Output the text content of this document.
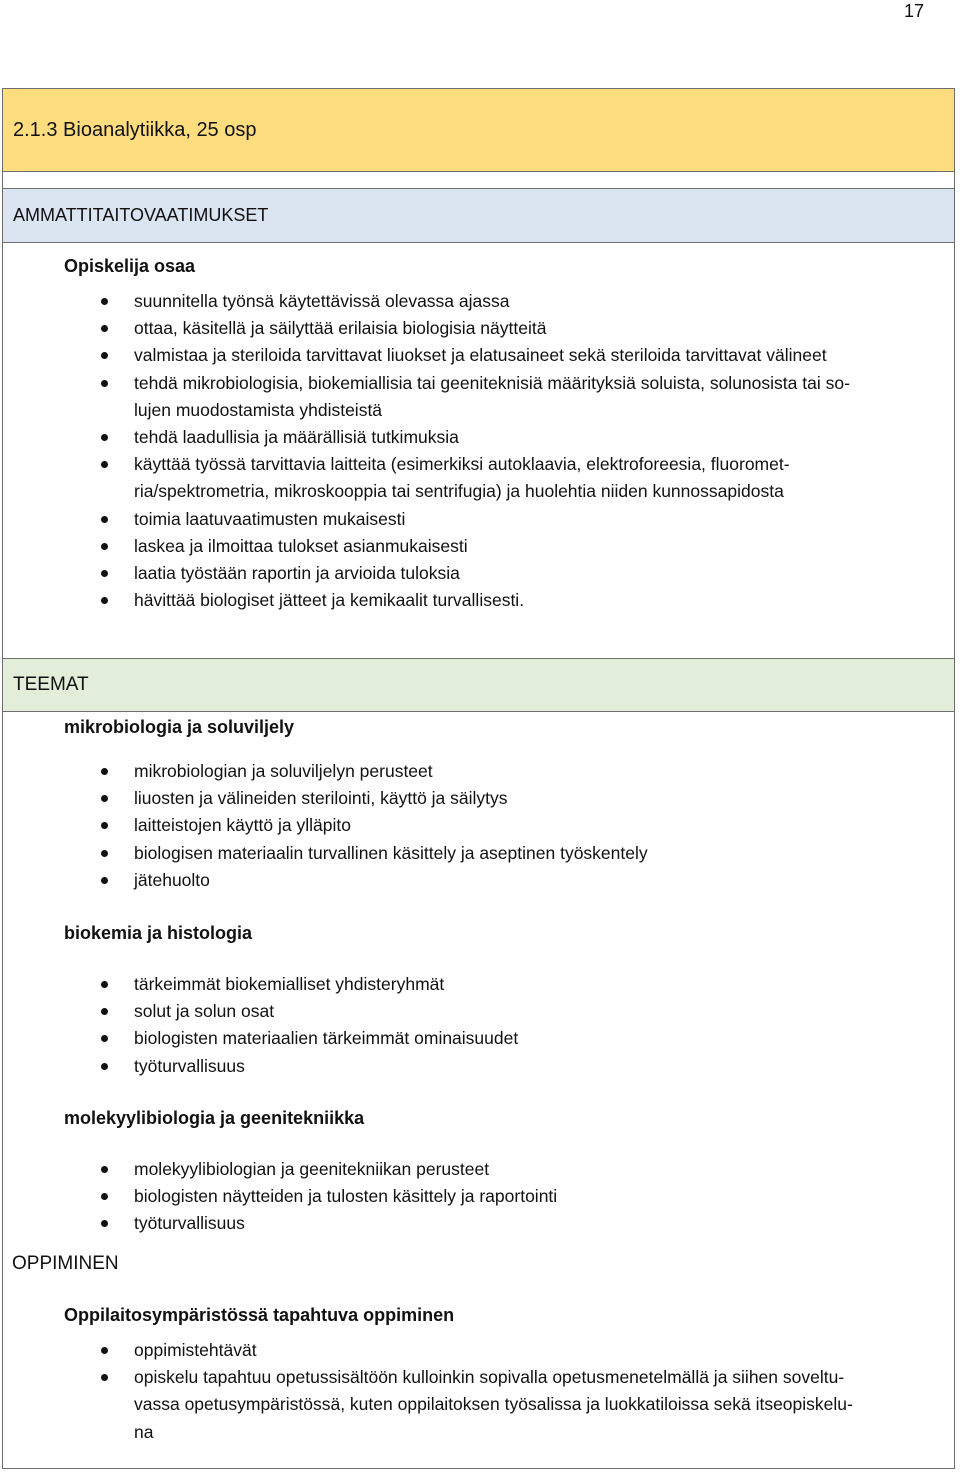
17
2.1.3 Bioanalytiikka, 25 osp
AMMATTITAITOVAATIMUKSET
Opiskelija osaa
suunnitella työnsä käytettävissä olevassa ajassa
ottaa, käsitellä ja säilyttää erilaisia biologisia näytteitä
valmistaa ja steriloida tarvittavat liuokset ja elatusaineet sekä steriloida tarvittavat välineet
tehdä mikrobiologisia, biokemiallisia tai geeniteknisiä määrityksiä soluista, solunosista tai so-
lujen muodostamista yhdisteistä
tehdä laadullisia ja määrällisiä tutkimuksia
käyttää työssä tarvittavia laitteita (esimerkiksi autoklaavia, elektroforeesia, fluoromet-
ria/spektrometria, mikroskooppia tai sentrifugia) ja huolehtia niiden kunnossapidosta
toimia laatuvaatimusten mukaisesti
laskea ja ilmoittaa tulokset asianmukaisesti
laatia työstään raportin ja arvioida tuloksia
hävittää biologiset jätteet ja kemikaalit turvallisesti.
TEEMAT
mikrobiologia ja soluviljely
mikrobiologian ja soluviljelyn perusteet
liuosten ja välineiden sterilointi, käyttö ja säilytys
laitteistojen käyttö ja ylläpito
biologisen materiaalin turvallinen käsittely ja aseptinen työskentely
jätehuolto
biokemia ja histologia
tärkeimmät biokemialliset yhdisteryhmät
solut ja solun osat
biologisten materiaalien tärkeimmät ominaisuudet
työturvallisuus
molekyylibiologia ja geenitekniikka
molekyylibiologian ja geenitekniikan perusteet
biologisten näytteiden ja tulosten käsittely ja raportointi
työturvallisuus
OPPIMINEN
Oppilaitosympäristössä tapahtuva oppiminen
oppimistehtävät
opiskelu tapahtuu opetussisältöön kulloinkin sopivalla opetusmenetelmällä ja siihen soveltu-
vassa opetusympäristössä, kuten oppilaitoksen työsalissa ja luokkatiloissa sekä itseopiskelu-
na
